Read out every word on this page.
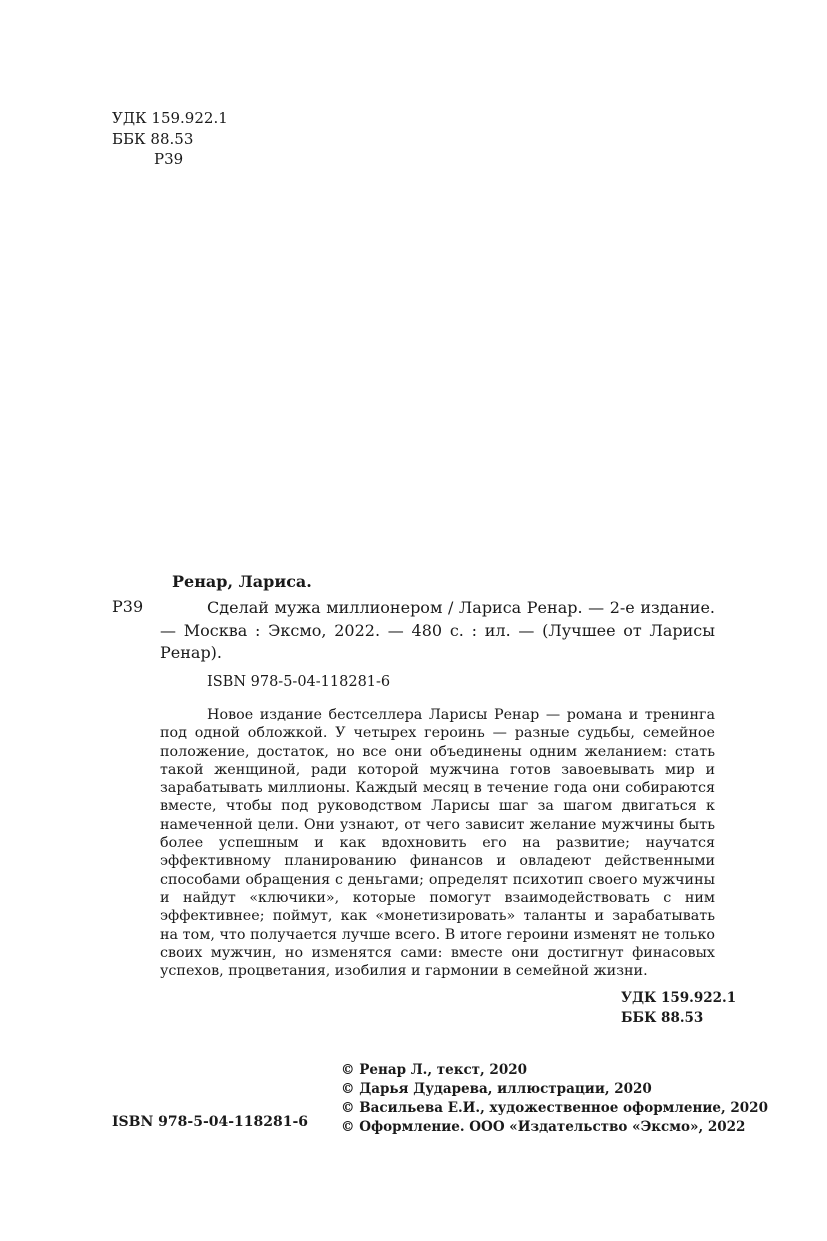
УДК 159.922.1
ББК 88.53
Р39
Ренар, Лариса.
Р39	Сделай мужа миллионером / Лариса Ренар. — 2-е издание. — Москва : Эксмо, 2022. — 480 с. : ил. — (Лучшее от Ларисы Ренар).
ISBN 978-5-04-118281-6
Новое издание бестселлера Ларисы Ренар — романа и тренинга под одной обложкой. У четырех героинь — разные судьбы, семейное положение, достаток, но все они объединены одним желанием: стать такой женщиной, ради которой мужчина готов завоевывать мир и зарабатывать миллионы. Каждый месяц в течение года они собираются вместе, чтобы под руководством Ларисы шаг за шагом двигаться к намеченной цели. Они узнают, от чего зависит желание мужчины быть более успешным и как вдохновить его на развитие; научатся эффективному планированию финансов и овладеют действенными способами обращения с деньгами; определят психотип своего мужчины и найдут «ключики», которые помогут взаимодействовать с ним эффективнее; поймут, как «монетизировать» таланты и зарабатывать на том, что получается лучше всего. В итоге героини изменят не только своих мужчин, но изменятся сами: вместе они достигнут финасовых успехов, процветания, изобилия и гармонии в семейной жизни.
УДК 159.922.1
ББК 88.53
© Ренар Л., текст, 2020
© Дарья Дударева, иллюстрации, 2020
© Васильева Е.И., художественное оформление, 2020
© Оформление. ООО «Издательство «Эксмо», 2022
ISBN 978-5-04-118281-6
